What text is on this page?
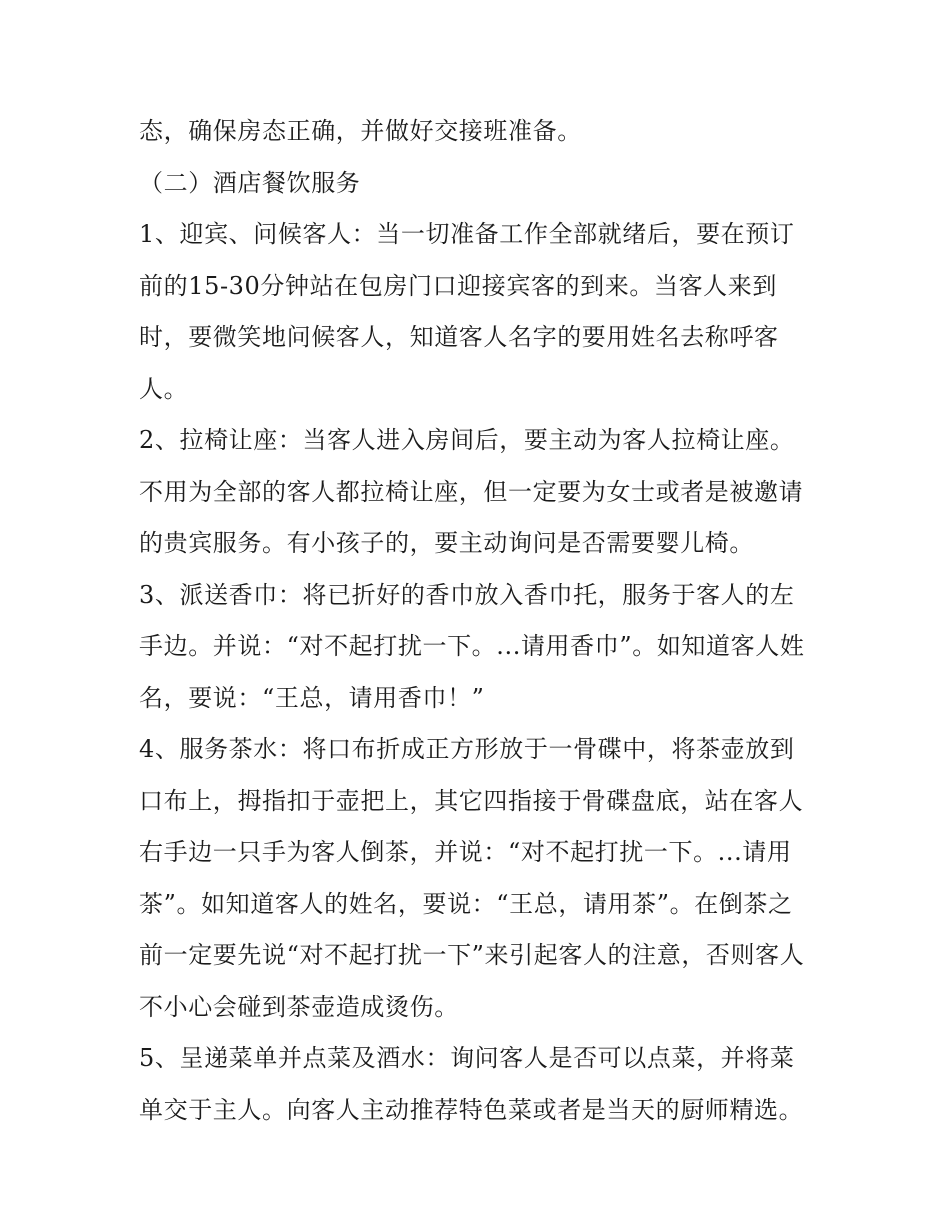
态，确保房态正确，并做好交接班准备。
（二）酒店餐饮服务
1、迎宾、问候客人：当一切准备工作全部就绪后，要在预订
前的15-30分钟站在包房门口迎接宾客的到来。当客人来到
时，要微笑地问候客人，知道客人名字的要用姓名去称呼客
人。
2、拉椅让座：当客人进入房间后，要主动为客人拉椅让座。
不用为全部的客人都拉椅让座，但一定要为女士或者是被邀请
的贵宾服务。有小孩子的，要主动询问是否需要婴儿椅。
3、派送香巾：将已折好的香巾放入香巾托，服务于客人的左
手边。并说：“对不起打扰一下。...请用香巾”。如知道客人姓
名，要说：“王总，请用香巾！”
4、服务茶水：将口布折成正方形放于一骨碟中，将茶壶放到
口布上，拇指扣于壶把上，其它四指接于骨碟盘底，站在客人
右手边一只手为客人倒茶，并说：“对不起打扰一下。...请用
茶”。如知道客人的姓名，要说：“王总，请用茶”。在倒茶之
前一定要先说“对不起打扰一下”来引起客人的注意，否则客人
不小心会碰到茶壶造成烫伤。
5、呈递菜单并点菜及酒水：询问客人是否可以点菜，并将菜
单交于主人。向客人主动推荐特色菜或者是当天的厨师精选。
